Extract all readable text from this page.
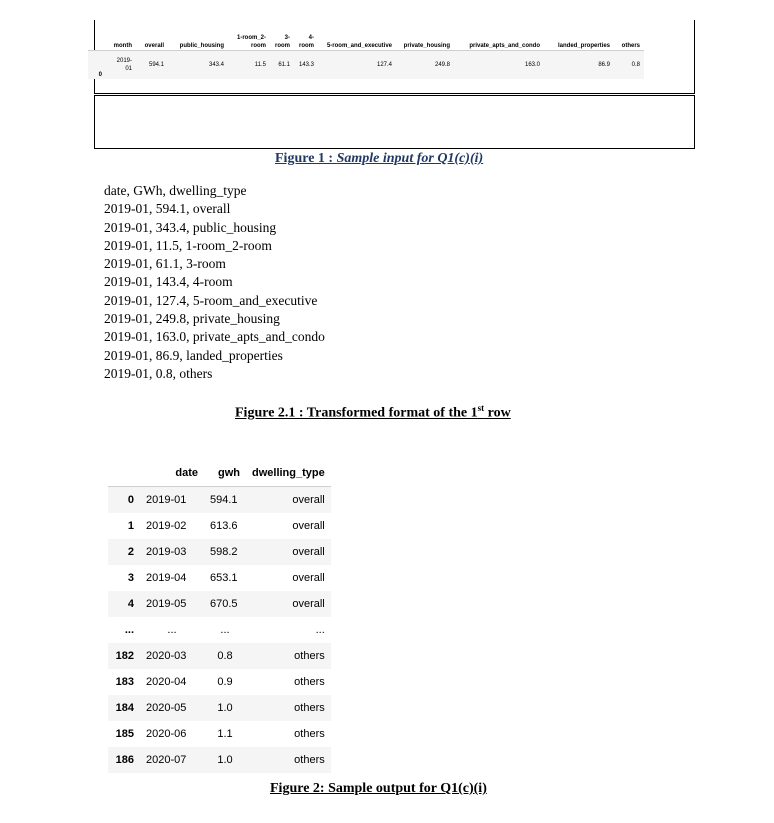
	month	overall	public_housing	1-room_2-room	3-room	4-room	5-room_and_executive	private_housing	private_apts_and_condo	landed_properties	others
0	2019-01	594.1	343.4	11.5	61.1	143.3	127.4	249.8	163.0	86.9	0.8
Figure 1 : Sample input for Q1(c)(i)
date, GWh, dwelling_type
2019-01, 594.1, overall
2019-01, 343.4, public_housing
2019-01, 11.5, 1-room_2-room
2019-01, 61.1, 3-room
2019-01, 143.4, 4-room
2019-01, 127.4, 5-room_and_executive
2019-01, 249.8, private_housing
2019-01, 163.0, private_apts_and_condo
2019-01, 86.9, landed_properties
2019-01, 0.8, others
Figure 2.1 : Transformed format of the 1st row
	date	gwh	dwelling_type
0	2019-01	594.1	overall
1	2019-02	613.6	overall
2	2019-03	598.2	overall
3	2019-04	653.1	overall
4	2019-05	670.5	overall
...	...	...	...
182	2020-03	0.8	others
183	2020-04	0.9	others
184	2020-05	1.0	others
185	2020-06	1.1	others
186	2020-07	1.0	others
Figure 2: Sample output for Q1(c)(i)
